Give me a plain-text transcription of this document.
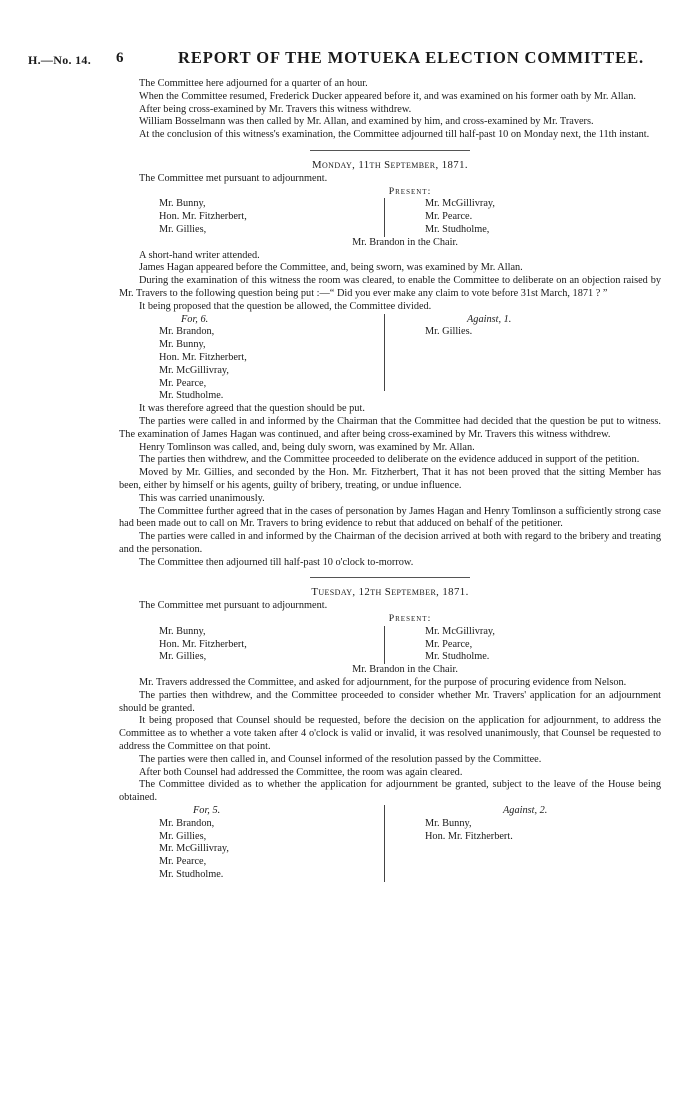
H.—No. 14. 6	REPORT OF THE MOTUEKA ELECTION COMMITTEE.

The Committee here adjourned for a quarter of an hour.

When the Committee resumed, Frederick Ducker appeared before it, and was examined on his former oath by Mr. Allan.

After being cross-examined by Mr. Travers this witness withdrew.

William Bosselmann was then called by Mr. Allan, and examined by him, and cross-examined by Mr. Travers.

At the conclusion of this witness's examination, the Committee adjourned till half-past 10 on Monday next, the 11th instant.

Monday, 11th September, 1871.

The Committee met pursuant to adjournment.

Present:
Mr. Bunny,
Hon. Mr. Fitzherbert,
Mr. Gillies,
Mr. McGillivray,
Mr. Pearce.
Mr. Studholme,
Mr. Brandon in the Chair.

A short-hand writer attended.

James Hagan appeared before the Committee, and, being sworn, was examined by Mr. Allan.

During the examination of this witness the room was cleared, to enable the Committee to deliberate on an objection raised by Mr. Travers to the following question being put :—“ Did you ever make any claim to vote before 31st March, 1871 ? ”

It being proposed that the question be allowed, the Committee divided.

For, 6.
Mr. Brandon,
Mr. Bunny,
Hon. Mr. Fitzherbert,
Mr. McGillivray,
Mr. Pearce,
Mr. Studholme.
Against, 1.
Mr. Gillies.

It was therefore agreed that the question should be put.

The parties were called in and informed by the Chairman that the Committee had decided that the question be put to witness. The examination of James Hagan was continued, and after being cross-examined by Mr. Travers this witness withdrew.

Henry Tomlinson was called, and, being duly sworn, was examined by Mr. Allan.

The parties then withdrew, and the Committee proceeded to deliberate on the evidence adduced in support of the petition.

Moved by Mr. Gillies, and seconded by the Hon. Mr. Fitzherbert, That it has not been proved that the sitting Member has been, either by himself or his agents, guilty of bribery, treating, or undue influence.

This was carried unanimously.

The Committee further agreed that in the cases of personation by James Hagan and Henry Tomlinson a sufficiently strong case had been made out to call on Mr. Travers to bring evidence to rebut that adduced on behalf of the petitioner.

The parties were called in and informed by the Chairman of the decision arrived at both with regard to the bribery and treating and the personation.

The Committee then adjourned till half-past 10 o'clock to-morrow.

Tuesday, 12th September, 1871.

The Committee met pursuant to adjournment.

Present:
Mr. Bunny,
Hon. Mr. Fitzherbert,
Mr. Gillies,
Mr. McGillivray,
Mr. Pearce,
Mr. Studholme.
Mr. Brandon in the Chair.

Mr. Travers addressed the Committee, and asked for adjournment, for the purpose of procuring evidence from Nelson.

The parties then withdrew, and the Committee proceeded to consider whether Mr. Travers' application for an adjournment should be granted.

It being proposed that Counsel should be requested, before the decision on the application for adjournment, to address the Committee as to whether a vote taken after 4 o'clock is valid or invalid, it was resolved unanimously, that Counsel be requested to address the Committee on that point.

The parties were then called in, and Counsel informed of the resolution passed by the Committee.

After both Counsel had addressed the Committee, the room was again cleared.

The Committee divided as to whether the application for adjournment be granted, subject to the leave of the House being obtained.

For, 5.
Mr. Brandon,
Mr. Gillies,
Mr. McGillivray,
Mr. Pearce,
Mr. Studholme.
Against, 2.
Mr. Bunny,
Hon. Mr. Fitzherbert.
